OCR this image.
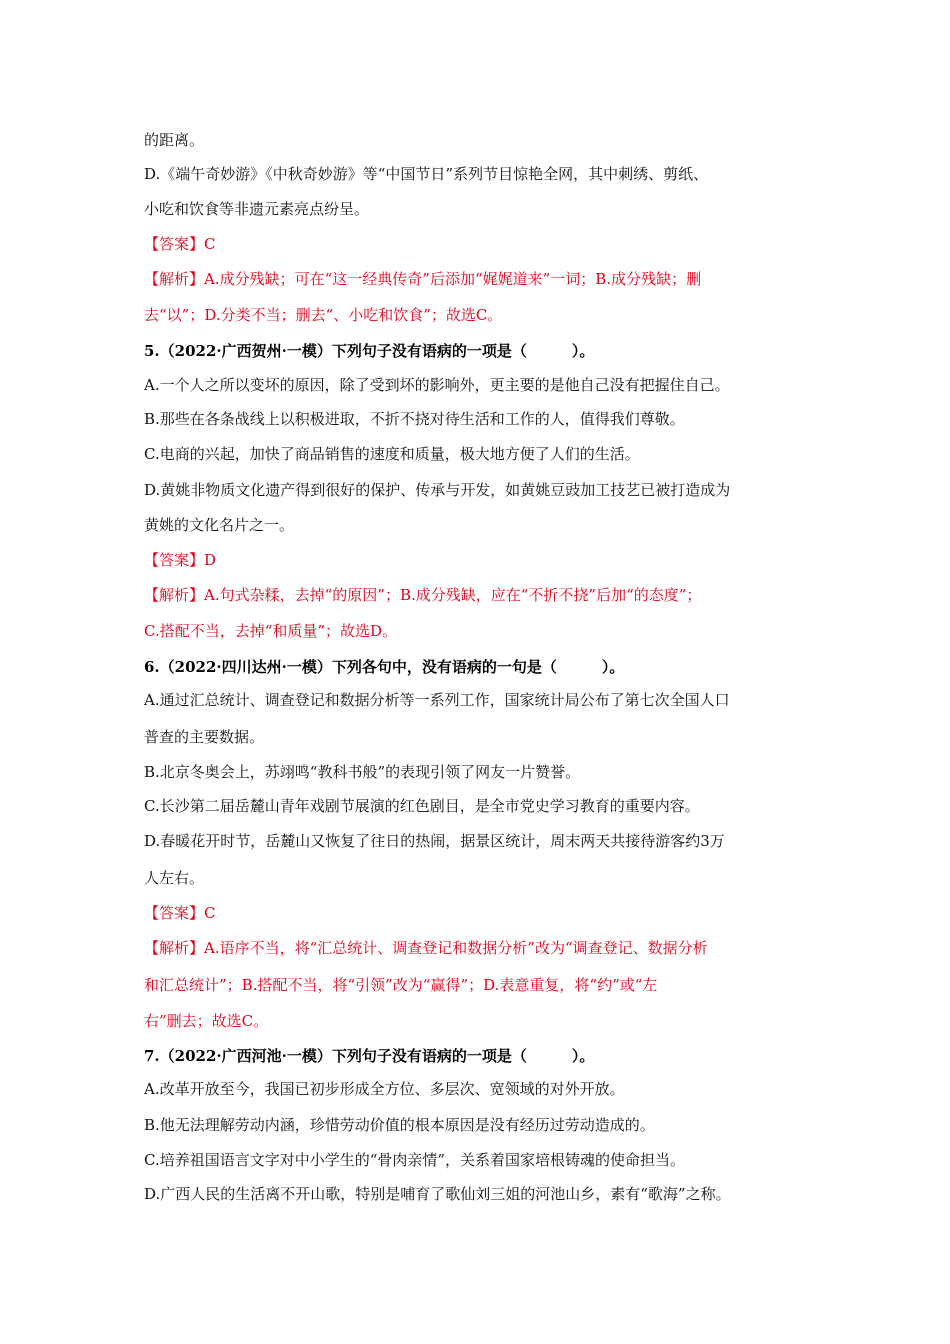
的距离。
D.《端午奇妙游》《中秋奇妙游》等“中国节日”系列节目惊艳全网，其中刺绣、剪纸、
小吃和饮食等非遗元素亮点纷呈。
【答案】C
【解析】A.成分残缺；可在“这一经典传奇”后添加“娓娓道来”一词；B.成分残缺；删
去“以”；D.分类不当；删去“、小吃和饮食”；故选C。
5.（2022·广西贺州·一模）下列句子没有语病的一项是（　　　）。
A.一个人之所以变坏的原因，除了受到坏的影响外，更主要的是他自己没有把握住自己。
B.那些在各条战线上以积极进取，不折不挠对待生活和工作的人，值得我们尊敬。
C.电商的兴起，加快了商品销售的速度和质量，极大地方便了人们的生活。
D.黄姚非物质文化遗产得到很好的保护、传承与开发，如黄姚豆豉加工技艺已被打造成为
黄姚的文化名片之一。
【答案】D
【解析】A.句式杂糅，去掉“的原因”；B.成分残缺，应在“不折不挠”后加“的态度”；
C.搭配不当，去掉“和质量”；故选D。
6.（2022·四川达州·一模）下列各句中，没有语病的一句是（　　　）。
A.通过汇总统计、调查登记和数据分析等一系列工作，国家统计局公布了第七次全国人口
普查的主要数据。
B.北京冬奥会上，苏翊鸣“教科书般”的表现引领了网友一片赞誉。
C.长沙第二届岳麓山青年戏剧节展演的红色剧目，是全市党史学习教育的重要内容。
D.春暖花开时节，岳麓山又恢复了往日的热闹，据景区统计，周末两天共接待游客约3万
人左右。
【答案】C
【解析】A.语序不当，将“汇总统计、调查登记和数据分析”改为“调查登记、数据分析
和汇总统计”；B.搭配不当，将“引领”改为“赢得”；D.表意重复，将“约”或“左
右”删去；故选C。
7.（2022·广西河池·一模）下列句子没有语病的一项是（　　　）。
A.改革开放至今，我国已初步形成全方位、多层次、宽领域的对外开放。
B.他无法理解劳动内涵，珍惜劳动价值的根本原因是没有经历过劳动造成的。
C.培养祖国语言文字对中小学生的“骨肉亲情”，关系着国家培根铸魂的使命担当。
D.广西人民的生活离不开山歌，特别是哺育了歌仙刘三姐的河池山乡，素有“歌海”之称。
